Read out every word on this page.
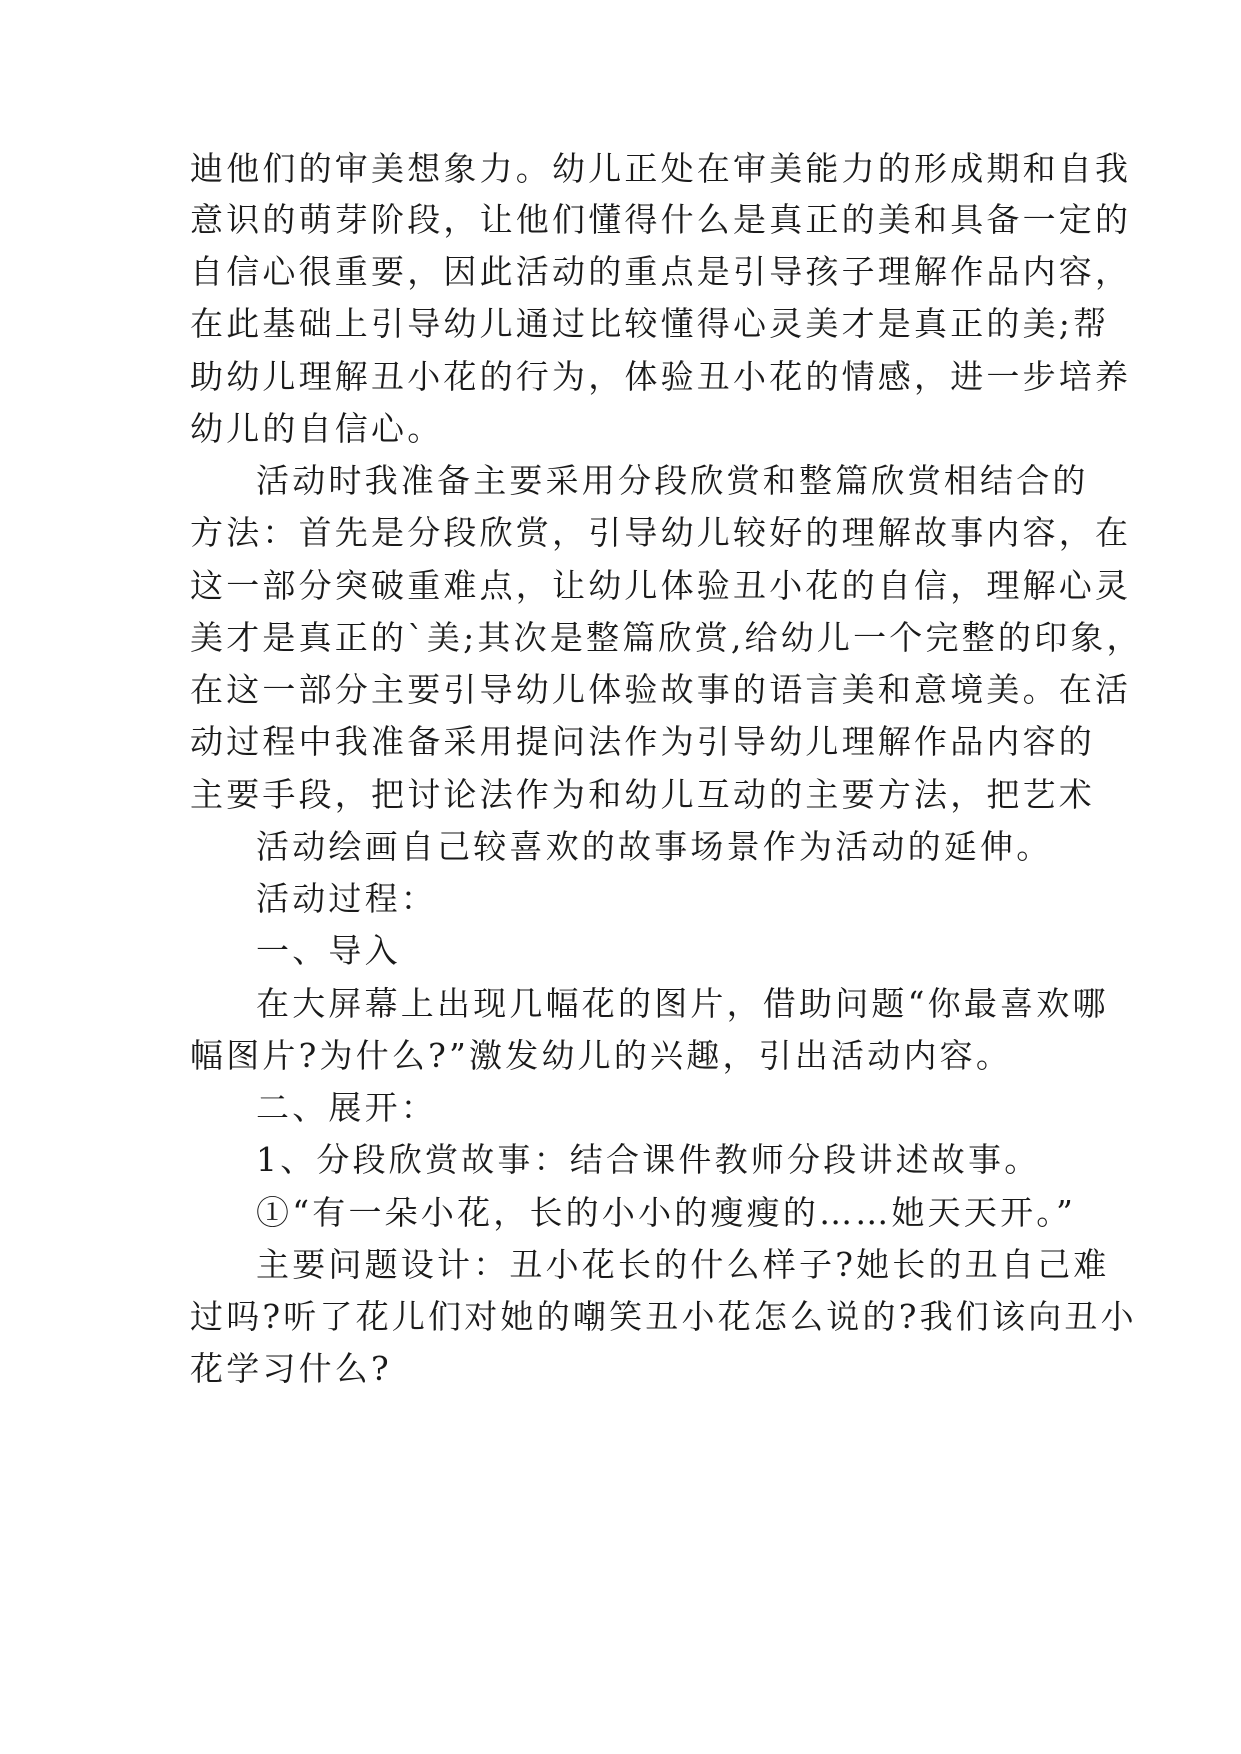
迪他们的审美想象力。幼儿正处在审美能力的形成期和自我
意识的萌芽阶段，让他们懂得什么是真正的美和具备一定的
自信心很重要，因此活动的重点是引导孩子理解作品内容，
在此基础上引导幼儿通过比较懂得心灵美才是真正的美;帮
助幼儿理解丑小花的行为，体验丑小花的情感，进一步培养
幼儿的自信心。
活动时我准备主要采用分段欣赏和整篇欣赏相结合的
方法：首先是分段欣赏，引导幼儿较好的理解故事内容，在
这一部分突破重难点，让幼儿体验丑小花的自信，理解心灵
美才是真正的`美;其次是整篇欣赏,给幼儿一个完整的印象，
在这一部分主要引导幼儿体验故事的语言美和意境美。在活
动过程中我准备采用提问法作为引导幼儿理解作品内容的
主要手段，把讨论法作为和幼儿互动的主要方法，把艺术
活动绘画自己较喜欢的故事场景作为活动的延伸。
活动过程：
一、导入
在大屏幕上出现几幅花的图片，借助问题“你最喜欢哪
幅图片?为什么?”激发幼儿的兴趣，引出活动内容。
二、展开：
1、分段欣赏故事：结合课件教师分段讲述故事。
①“有一朵小花，长的小小的瘦瘦的……她天天开。”
主要问题设计：丑小花长的什么样子?她长的丑自己难
过吗?听了花儿们对她的嘲笑丑小花怎么说的?我们该向丑小
花学习什么?
